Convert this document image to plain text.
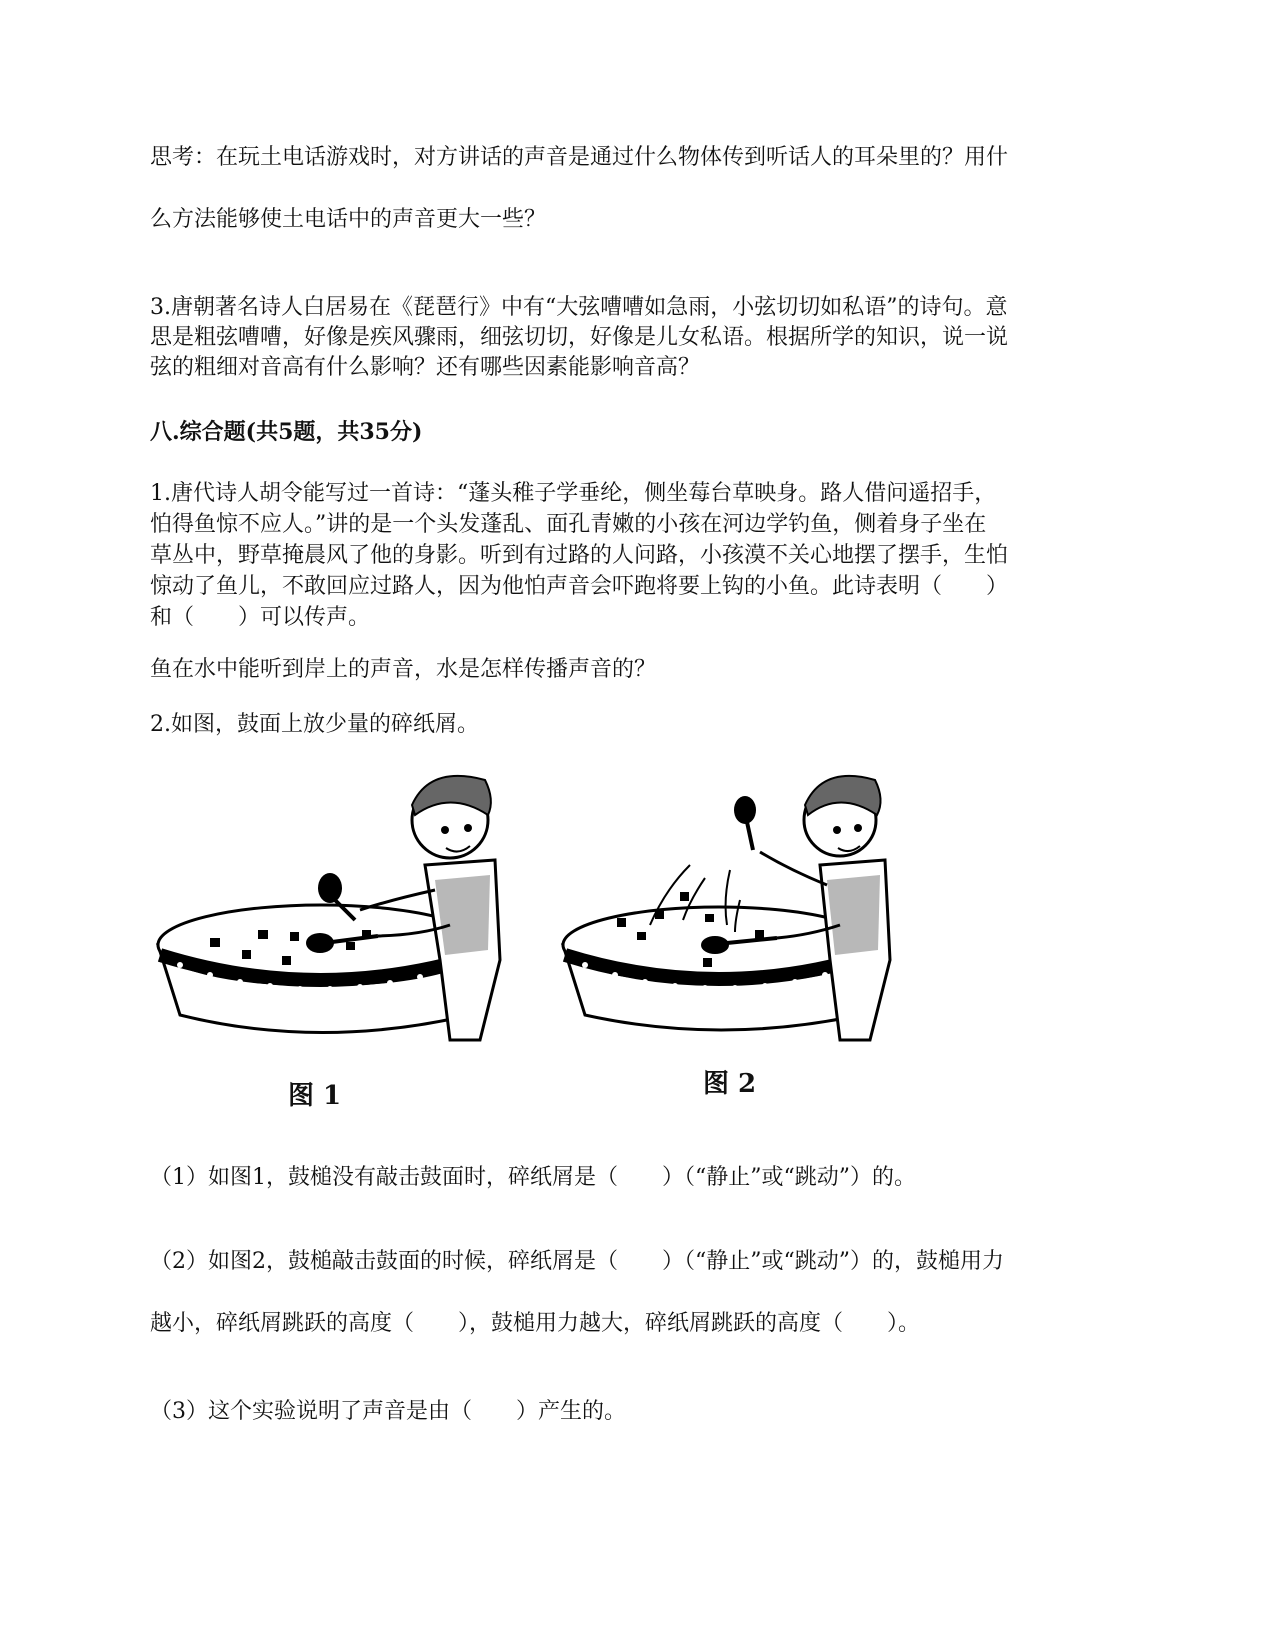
思考：在玩土电话游戏时，对方讲话的声音是通过什么物体传到听话人的耳朵里的？用什
么方法能够使土电话中的声音更大一些？
3.唐朝著名诗人白居易在《琵琶行》中有“大弦嘈嘈如急雨，小弦切切如私语”的诗句。意
思是粗弦嘈嘈，好像是疾风骤雨，细弦切切，好像是儿女私语。根据所学的知识，说一说
弦的粗细对音高有什么影响？还有哪些因素能影响音高？
八.综合题(共5题，共35分)
1.唐代诗人胡令能写过一首诗：“蓬头稚子学垂纶，侧坐莓台草映身。路人借问遥招手，
怕得鱼惊不应人。”讲的是一个头发蓬乱、面孔青嫩的小孩在河边学钓鱼，侧着身子坐在
草丛中，野草掩晨风了他的身影。听到有过路的人问路，小孩漠不关心地摆了摆手，生怕
惊动了鱼儿，不敢回应过路人，因为他怕声音会吓跑将要上钩的小鱼。此诗表明（　　）
和（　　）可以传声。
鱼在水中能听到岸上的声音，水是怎样传播声音的？
2.如图，鼓面上放少量的碎纸屑。
图 1	图 2
（1）如图1，鼓槌没有敲击鼓面时，碎纸屑是（　　）（“静止”或“跳动”）的。
（2）如图2，鼓槌敲击鼓面的时候，碎纸屑是（　　）（“静止”或“跳动”）的，鼓槌用力
越小，碎纸屑跳跃的高度（　　），鼓槌用力越大，碎纸屑跳跃的高度（　　）。
（3）这个实验说明了声音是由（　　）产生的。
